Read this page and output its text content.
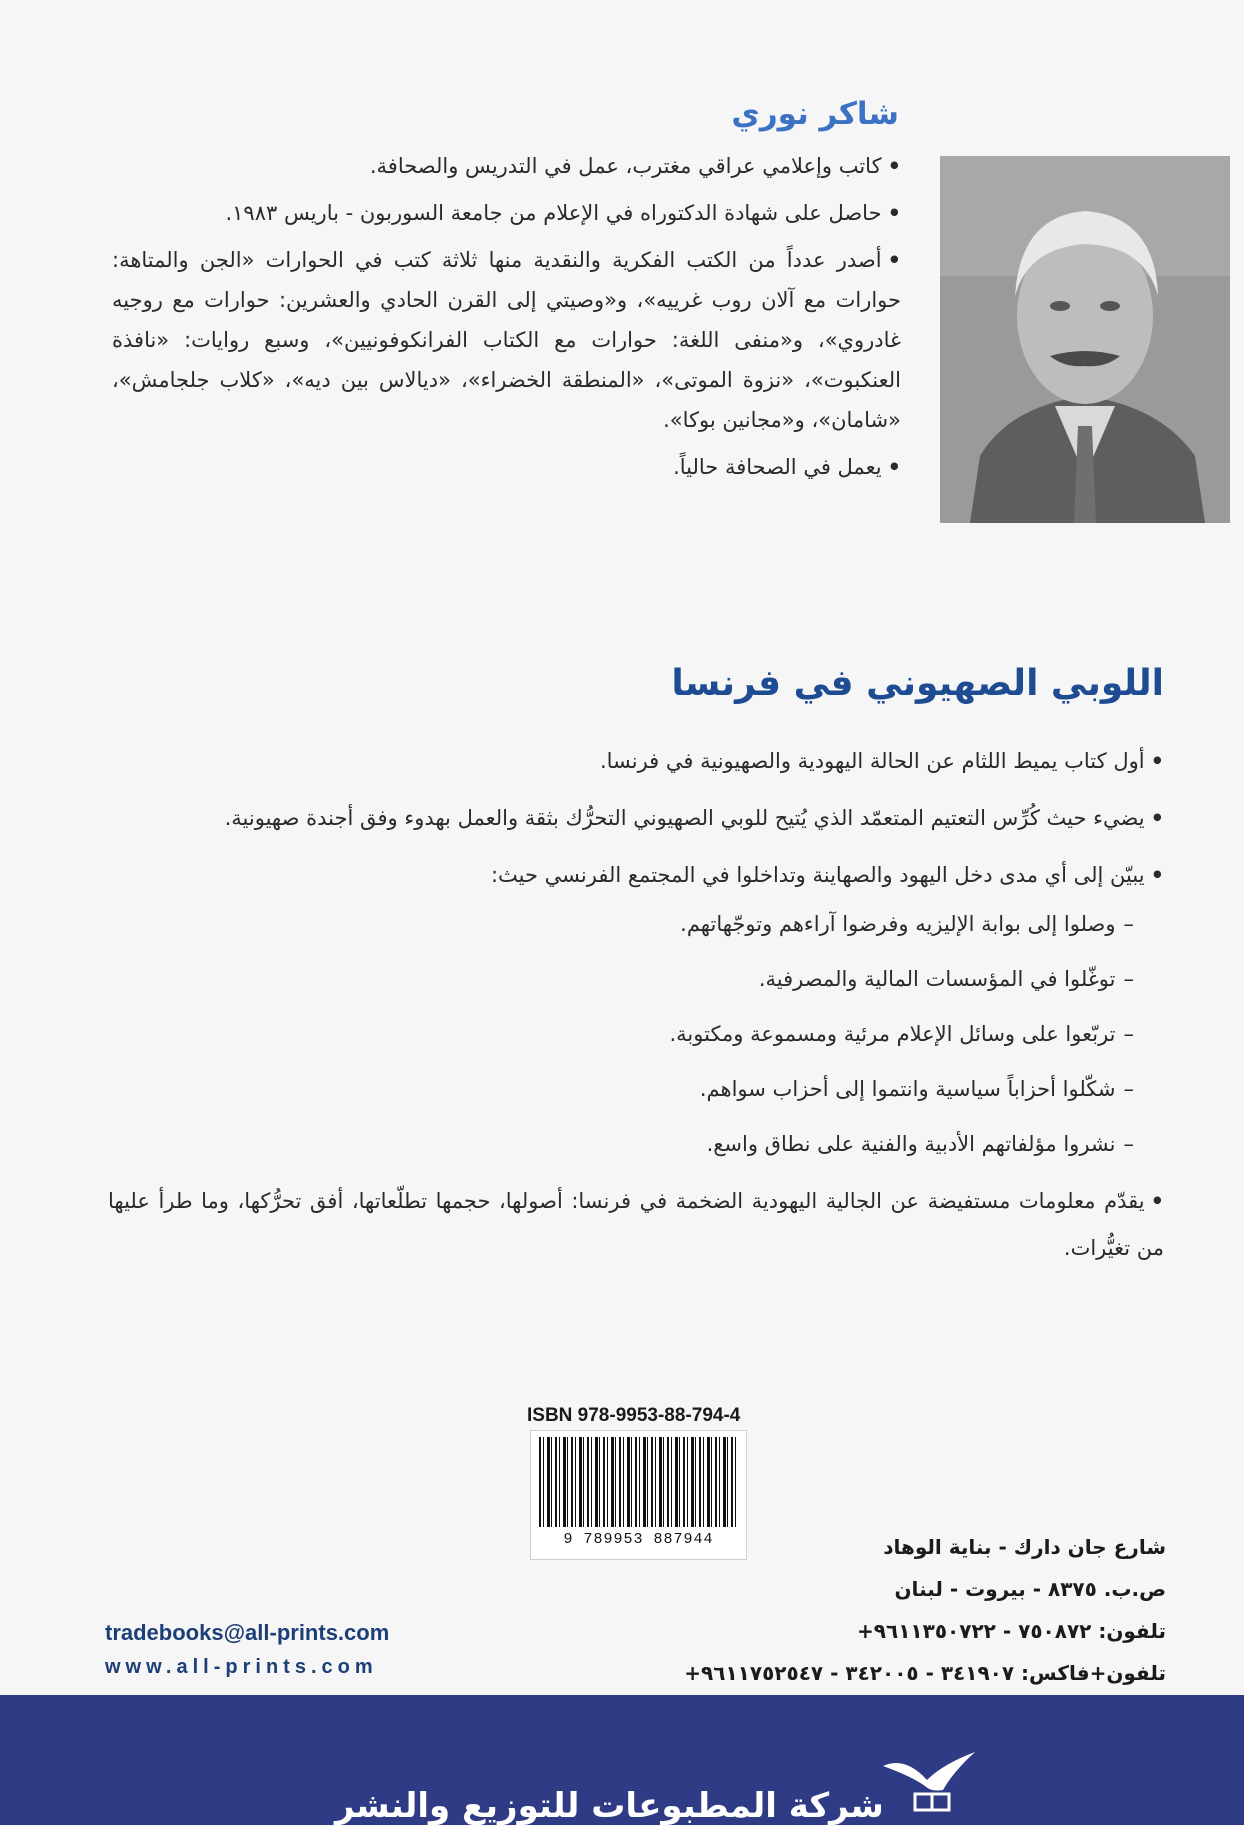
شاكر نوري
•كاتب وإعلامي عراقي مغترب، عمل في التدريس والصحافة.
•حاصل على شهادة الدكتوراه في الإعلام من جامعة السوربون - باريس ١٩٨٣.
•أصدر عدداً من الكتب الفكرية والنقدية منها ثلاثة كتب في الحوارات «الجن والمتاهة: حوارات مع آلان روب غرييه»، و«وصيتي إلى القرن الحادي والعشرين: حوارات مع روجيه غادروي»، و«منفى اللغة: حوارات مع الكتاب الفرانكوفونيين»، وسبع روايات: «نافذة العنكبوت»، «نزوة الموتى»، «المنطقة الخضراء»، «ديالاس بين ديه»، «كلاب جلجامش»، «شامان»، و«مجانين بوكا».
•يعمل في الصحافة حالياً.
اللوبي الصهيوني في فرنسا
•أول كتاب يميط اللثام عن الحالة اليهودية والصهيونية في فرنسا.
•يضيء حيث كُرِّس التعتيم المتعمّد الذي يُتيح للوبي الصهيوني التحرُّك بثقة والعمل بهدوء وفق أجندة صهيونية.
•يبيّن إلى أي مدى دخل اليهود والصهاينة وتداخلوا في المجتمع الفرنسي حيث:
–وصلوا إلى بوابة الإليزيه وفرضوا آراءهم وتوجّهاتهم.
–توغّلوا في المؤسسات المالية والمصرفية.
–تربّعوا على وسائل الإعلام مرئية ومسموعة ومكتوبة.
–شكّلوا أحزاباً سياسية وانتموا إلى أحزاب سواهم.
–نشروا مؤلفاتهم الأدبية والفنية على نطاق واسع.
•يقدّم معلومات مستفيضة عن الجالية اليهودية الضخمة في فرنسا: أصولها، حجمها تطلّعاتها، أفق تحرُّكها، وما طرأ عليها من تغيُّرات.

ISBN 978-9953-88-794-4

9 789953 887944
tradebooks@all-prints.com
www.all-prints.com
شارع جان دارك - بناية الوهاد
ص.ب. ٨٣٧٥ - بيروت - لبنان
تلفون: ٧٥٠٨٧٢ - ٩٦١١٣٥٠٧٢٢+
تلفون+فاكس: ٣٤١٩٠٧ - ٣٤٢٠٠٥ - ٩٦١١٧٥٢٥٤٧+

شركة المطبوعات للتوزيع والنشر
